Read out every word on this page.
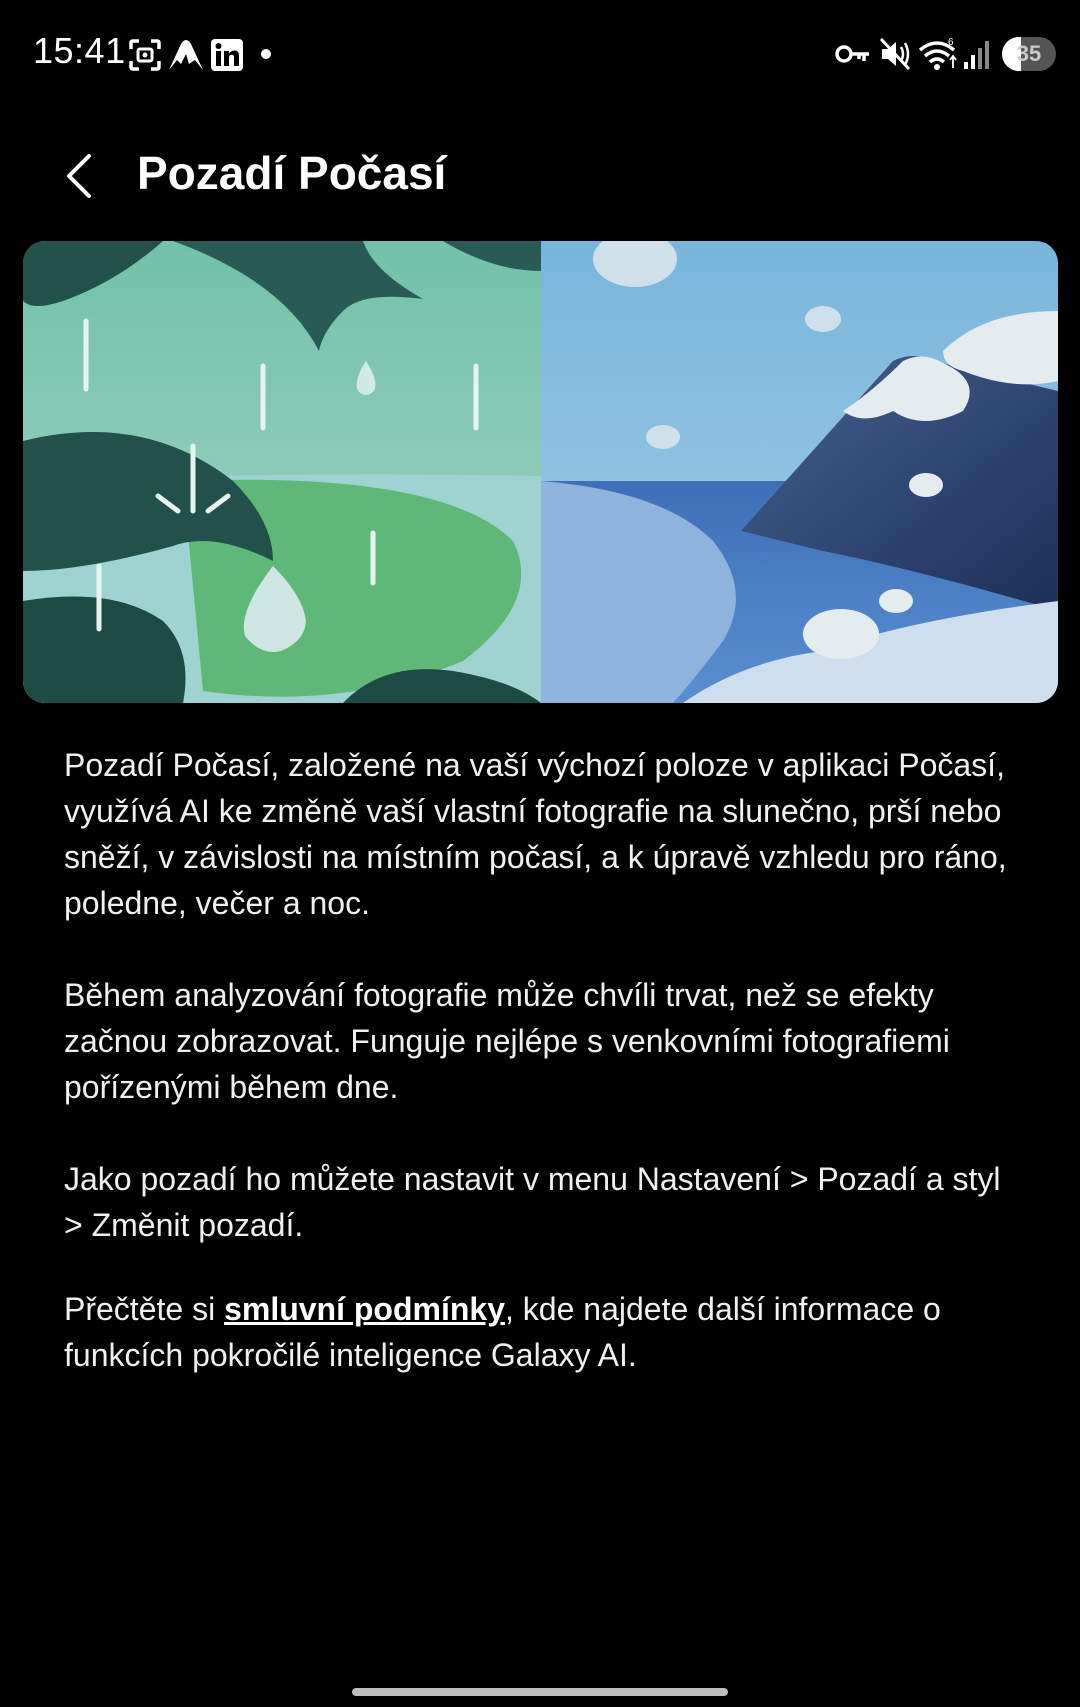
15:41	6	35
Pozadí Počasí

Pozadí Počasí, založené na vaší výchozí poloze v aplikaci Počasí, využívá AI ke změně vaší vlastní fotografie na slunečno, prší nebo sněží, v závislosti na místním počasí, a k úpravě vzhledu pro ráno, poledne, večer a noc.

Během analyzování fotografie může chvíli trvat, než se efekty začnou zobrazovat. Funguje nejlépe s venkovními fotografiemi pořízenými během dne.

Jako pozadí ho můžete nastavit v menu Nastavení > Pozadí a styl > Změnit pozadí.

Přečtěte si smluvní podmínky, kde najdete další informace o funkcích pokročilé inteligence Galaxy AI.
